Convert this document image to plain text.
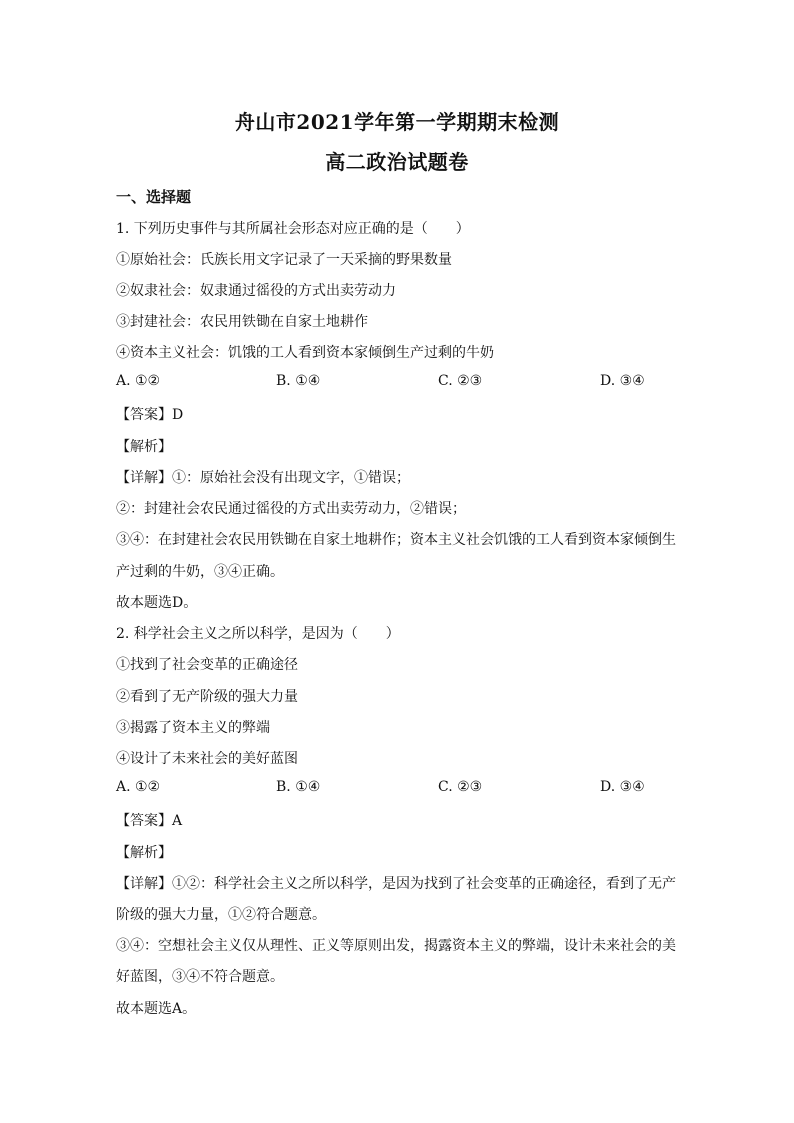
舟山市2021学年第一学期期末检测
高二政治试题卷
一、选择题
1. 下列历史事件与其所属社会形态对应正确的是（　　）
①原始社会：氏族长用文字记录了一天采摘的野果数量
②奴隶社会：奴隶通过徭役的方式出卖劳动力
③封建社会：农民用铁锄在自家土地耕作
④资本主义社会：饥饿的工人看到资本家倾倒生产过剩的牛奶
A. ①②	B. ①④	C. ②③	D. ③④
【答案】D
【解析】
【详解】①：原始社会没有出现文字，①错误；
②：封建社会农民通过徭役的方式出卖劳动力，②错误；
③④：在封建社会农民用铁锄在自家土地耕作；资本主义社会饥饿的工人看到资本家倾倒生
产过剩的牛奶，③④正确。
故本题选D。
2. 科学社会主义之所以科学，是因为（　　）
①找到了社会变革的正确途径
②看到了无产阶级的强大力量
③揭露了资本主义的弊端
④设计了未来社会的美好蓝图
A. ①②	B. ①④	C. ②③	D. ③④
【答案】A
【解析】
【详解】①②：科学社会主义之所以科学，是因为找到了社会变革的正确途径，看到了无产
阶级的强大力量，①②符合题意。
③④：空想社会主义仅从理性、正义等原则出发，揭露资本主义的弊端，设计未来社会的美
好蓝图，③④不符合题意。
故本题选A。
